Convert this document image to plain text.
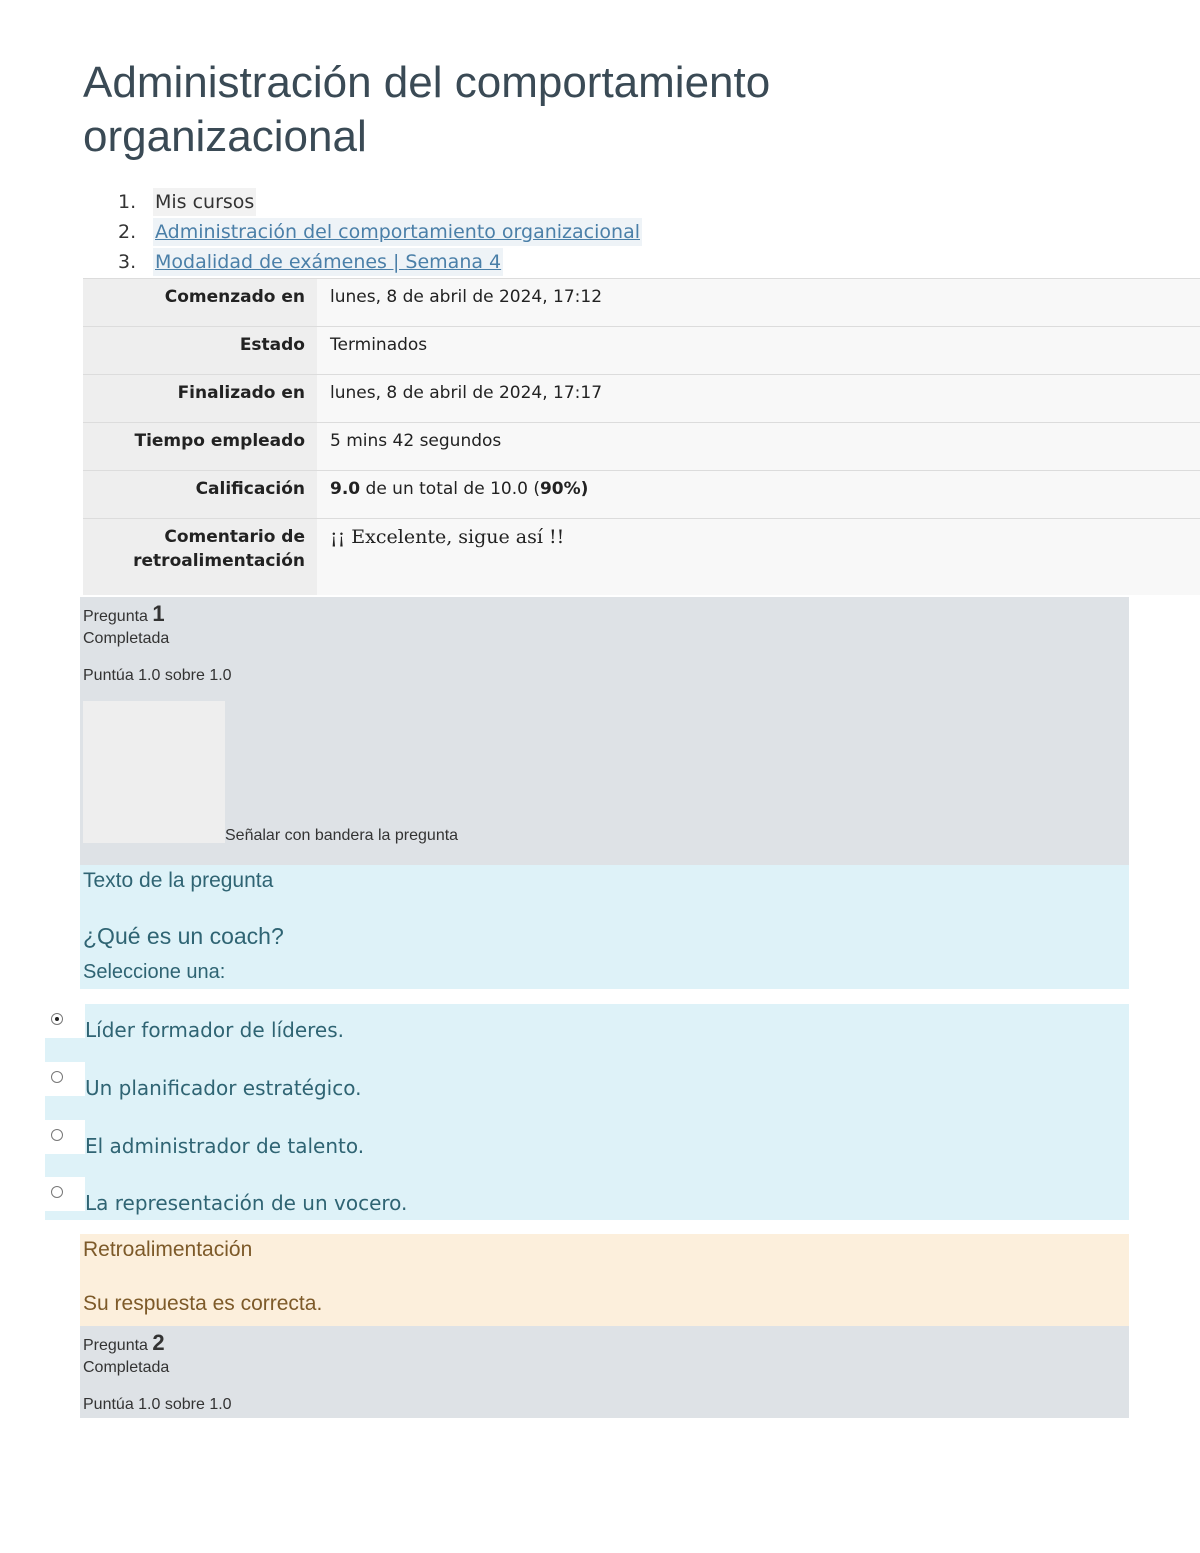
Administración del comportamiento organizacional
1. Mis cursos
2. Administración del comportamiento organizacional
3. Modalidad de exámenes | Semana 4
Comenzado en	lunes, 8 de abril de 2024, 17:12

Estado	Terminados

Finalizado en	lunes, 8 de abril de 2024, 17:17

Tiempo empleado	5 mins 42 segundos

Calificación	9.0 de un total de 10.0 (90%)

Comentario de
retroalimentación	¡¡ Excelente, sigue así !!
Pregunta 1
Completada
Puntúa 1.0 sobre 1.0
Señalar con bandera la pregunta
Texto de la pregunta
¿Qué es un coach?
Seleccione una:
Líder formador de líderes.
Un planificador estratégico.
El administrador de talento.
La representación de un vocero.
Retroalimentación
Su respuesta es correcta.
Pregunta 2
Completada
Puntúa 1.0 sobre 1.0
